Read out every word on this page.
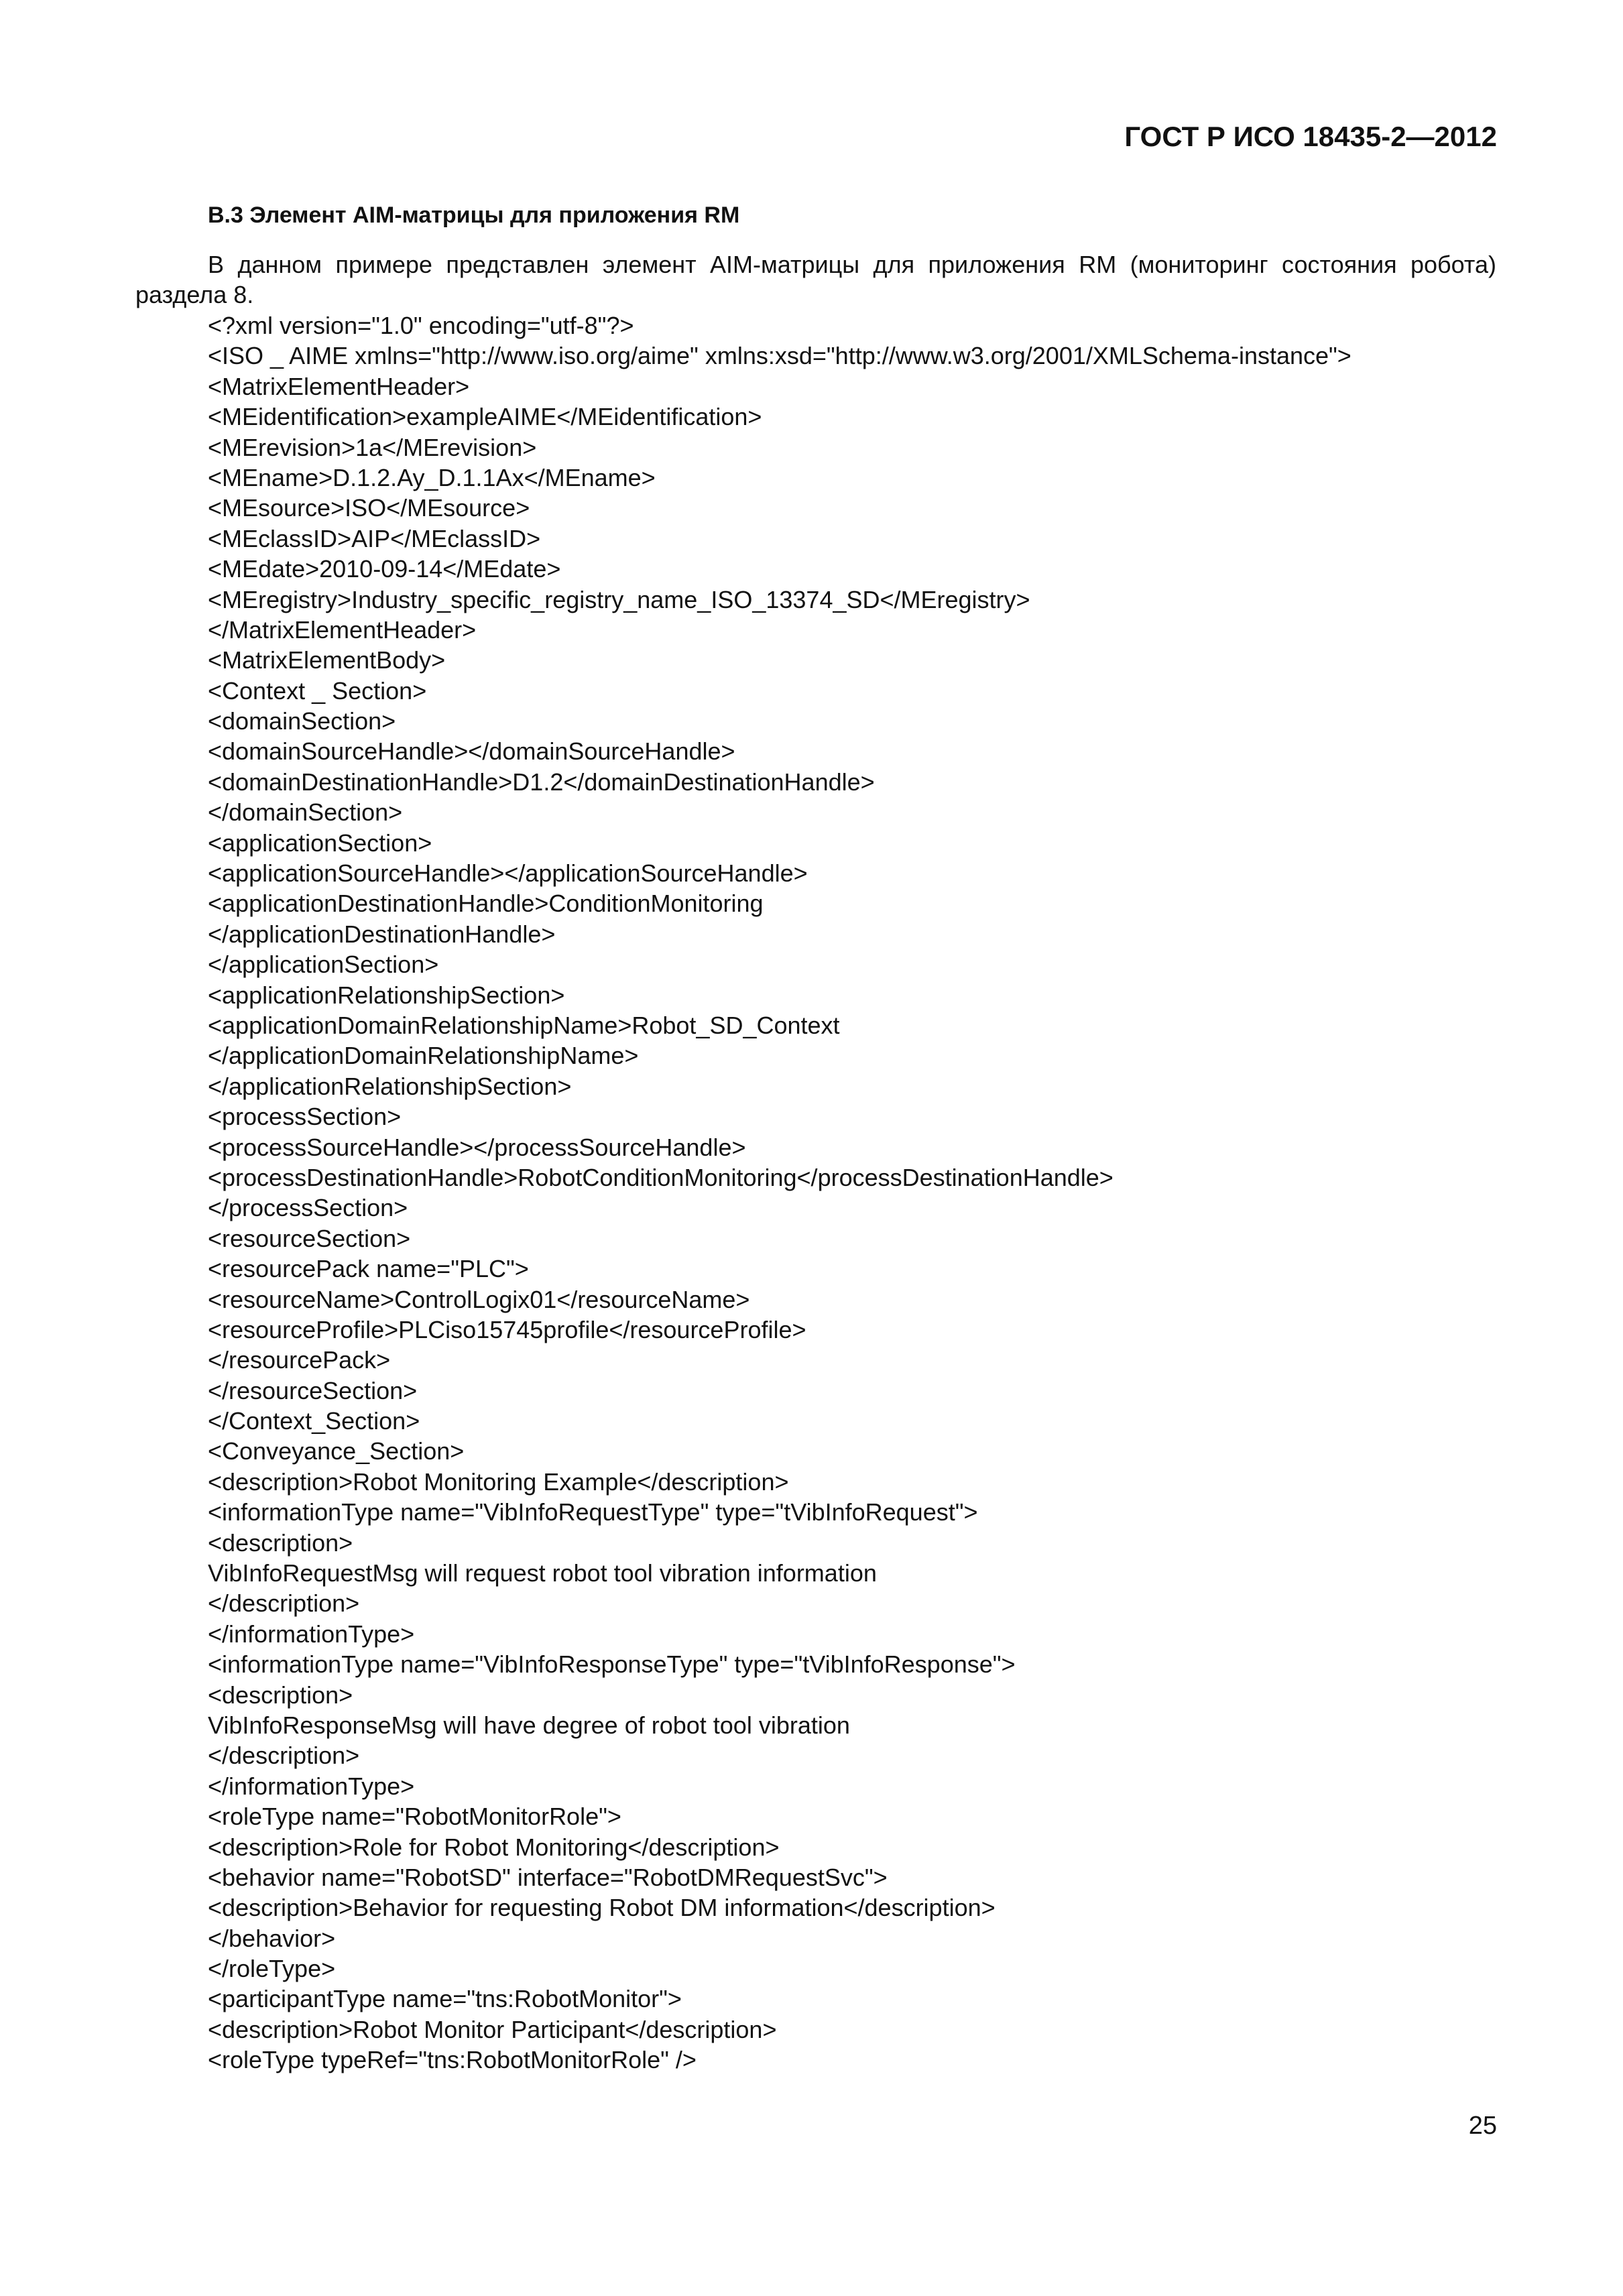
ГОСТ Р ИСО 18435-2—2012
В.3 Элемент AIM-матрицы для приложения RM
В данном примере представлен элемент AIM-матрицы для приложения RM (мониторинг состояния робота) раздела 8.
<?xml version="1.0" encoding="utf-8"?>
<ISO _ AIME xmlns="http://www.iso.org/aime" xmlns:xsd="http://www.w3.org/2001/XMLSchema-instance">
<MatrixElementHeader>
<MEidentification>exampleAIME</MEidentification>
<MErevision>1a</MErevision>
<MEname>D.1.2.Ay_D.1.1Ax</MEname>
<MEsource>ISO</MEsource>
<MEclassID>AIP</MEclassID>
<MEdate>2010-09-14</MEdate>
<MEregistry>Industry_specific_registry_name_ISO_13374_SD</MEregistry>
</MatrixElementHeader>
<MatrixElementBody>
<Context _ Section>
<domainSection>
<domainSourceHandle></domainSourceHandle>
<domainDestinationHandle>D1.2</domainDestinationHandle>
</domainSection>
<applicationSection>
<applicationSourceHandle></applicationSourceHandle>
<applicationDestinationHandle>ConditionMonitoring
</applicationDestinationHandle>
</applicationSection>
<applicationRelationshipSection>
<applicationDomainRelationshipName>Robot_SD_Context
</applicationDomainRelationshipName>
</applicationRelationshipSection>
<processSection>
<processSourceHandle></processSourceHandle>
<processDestinationHandle>RobotConditionMonitoring</processDestinationHandle>
</processSection>
<resourceSection>
<resourcePack name="PLC">
<resourceName>ControlLogix01</resourceName>
<resourceProfile>PLCiso15745profile</resourceProfile>
</resourcePack>
</resourceSection>
</Context_Section>
<Conveyance_Section>
<description>Robot Monitoring Example</description>
<informationType name="VibInfoRequestType" type="tVibInfoRequest">
<description>
VibInfoRequestMsg will request robot tool vibration information
</description>
</informationType>
<informationType name="VibInfoResponseType" type="tVibInfoResponse">
<description>
VibInfoResponseMsg will have degree of robot tool vibration
</description>
</informationType>
<roleType name="RobotMonitorRole">
<description>Role for Robot Monitoring</description>
<behavior name="RobotSD" interface="RobotDMRequestSvc">
<description>Behavior for requesting Robot DM information</description>
</behavior>
</roleType>
<participantType name="tns:RobotMonitor">
<description>Robot Monitor Participant</description>
<roleType typeRef="tns:RobotMonitorRole" />
25
